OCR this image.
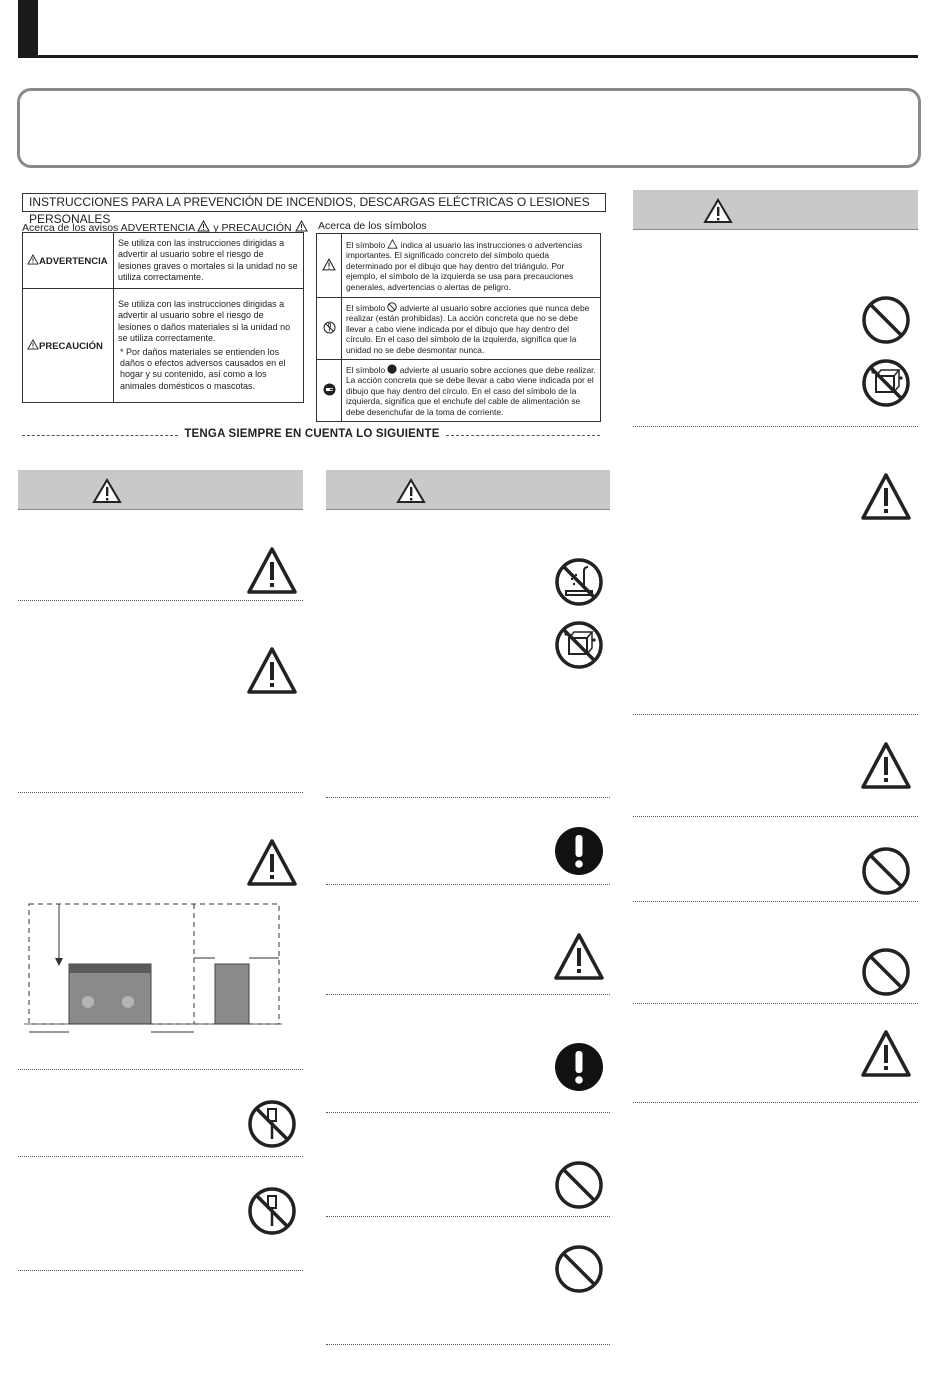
INSTRUCCIONES PARA LA PREVENCIÓN DE INCENDIOS, DESCARGAS ELÉCTRICAS O LESIONES PERSONALES
Acerca de los avisos ADVERTENCIA y PRECAUCIÓN	Acerca de los símbolos
ADVERTENCIA	Se utiliza con las instrucciones dirigidas a advertir al usuario sobre el riesgo de lesiones graves o mortales si la unidad no se utiliza correctamente.
PRECAUCIÓN	Se utiliza con las instrucciones dirigidas a advertir al usuario sobre el riesgo de lesiones o daños materiales si la unidad no se utiliza correctamente.
* Por daños materiales se entienden los daños o efectos adversos causados en el hogar y su contenido, así como a los animales domésticos o mascotas.
	El símbolo indica al usuario las instrucciones o advertencias importantes. El significado concreto del símbolo queda determinado por el dibujo que hay dentro del triángulo. Por ejemplo, el símbolo de la izquierda se usa para precauciones generales, advertencias o alertas de peligro.
	El símbolo advierte al usuario sobre acciones que nunca debe realizar (están prohibidas). La acción concreta que no se debe llevar a cabo viene indicada por el dibujo que hay dentro del círculo. En el caso del símbolo de la izquierda, significa que la unidad no se debe desmontar nunca.
	El símbolo advierte al usuario sobre acciones que debe realizar. La acción concreta que se debe llevar a cabo viene indicada por el dibujo que hay dentro del círculo. En el caso del símbolo de la izquierda, significa que el enchufe del cable de alimentación se debe desenchufar de la toma de corriente.
TENGA SIEMPRE EN CUENTA LO SIGUIENTE
